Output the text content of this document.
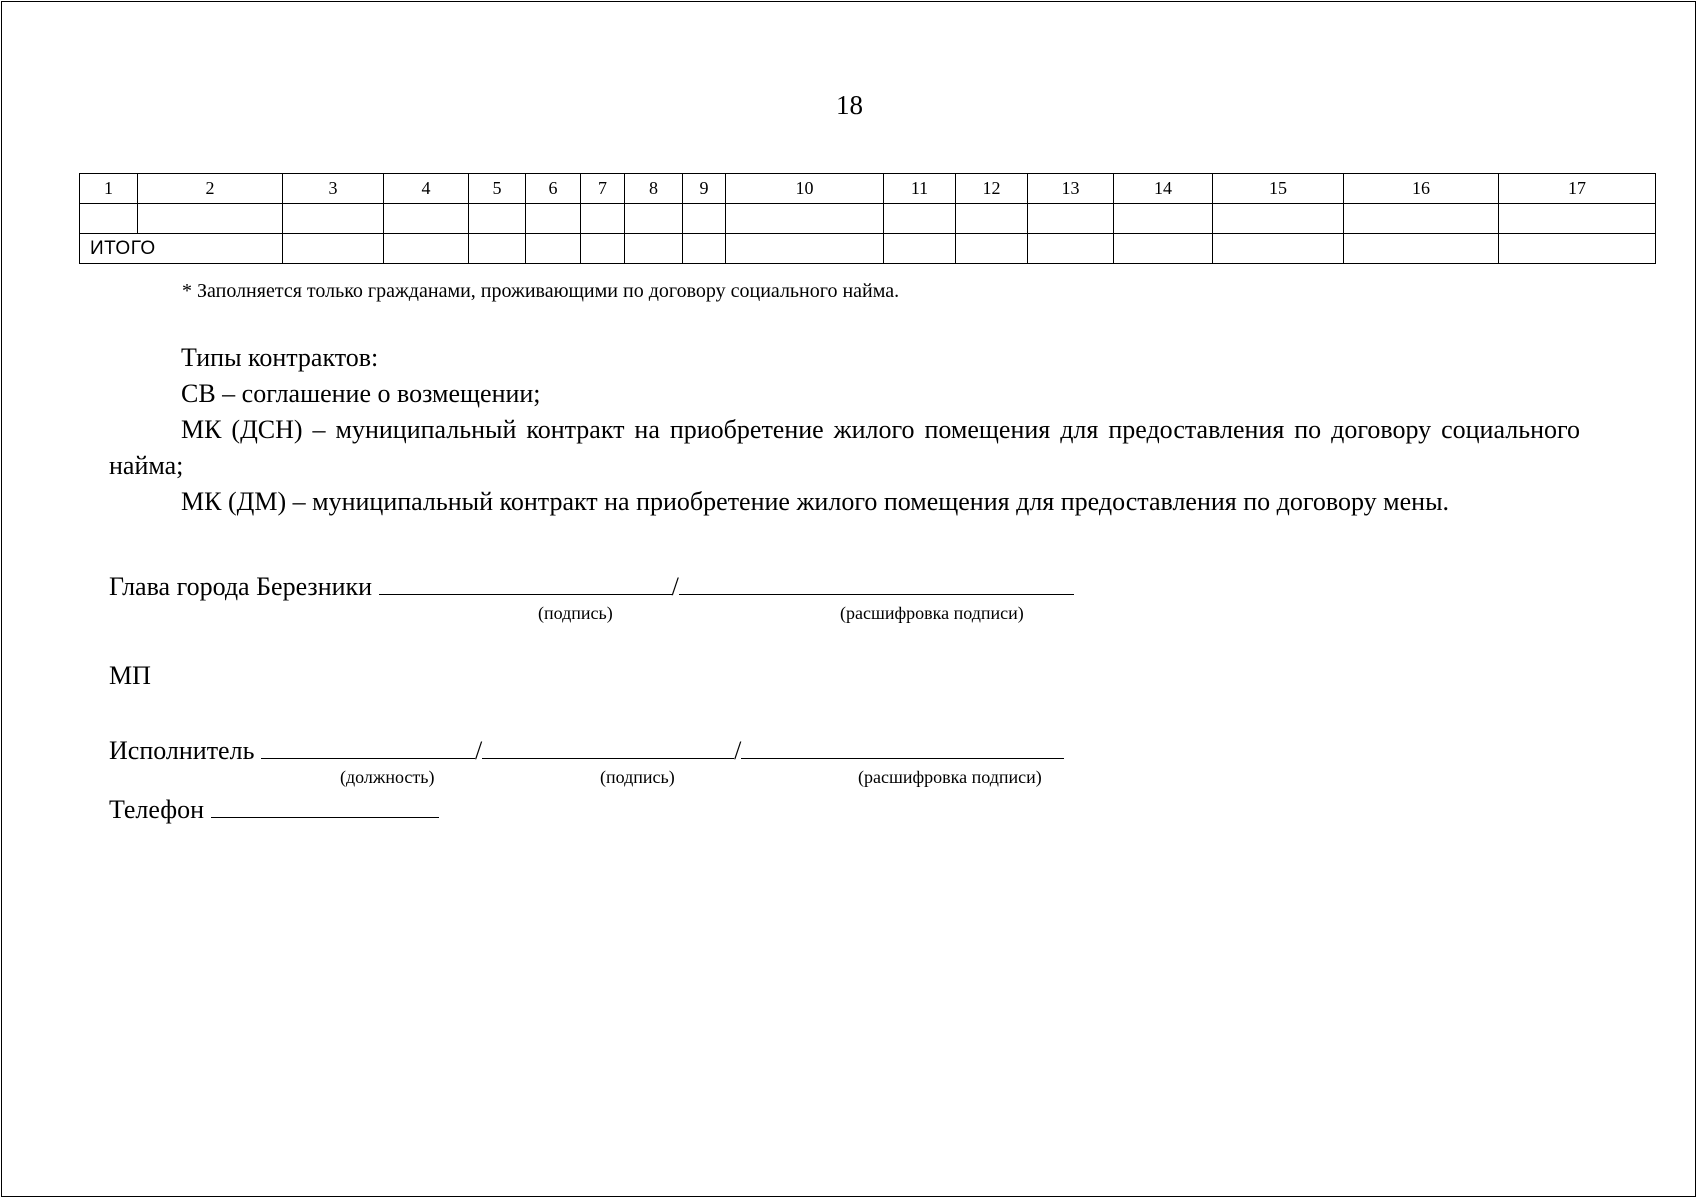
18
1	2	3	4	5	6	7	8	9	10	11	12	13	14	15	16	17

ИТОГО																
* Заполняется только гражданами, проживающими по договору социального найма.

Типы контрактов:

СВ – соглашение о возмещении;

МК (ДСН) – муниципальный контракт на приобретение жилого помещения для предоставления по договору социального найма;

МК (ДМ) – муниципальный контракт на приобретение жилого помещения для предоставления по договору мены.

Глава города Березники	/
(подпись)	(расшифровка подписи)
МП
Исполнитель	/	/
(должность)	(подпись)	(расшифровка подписи)
Телефон
